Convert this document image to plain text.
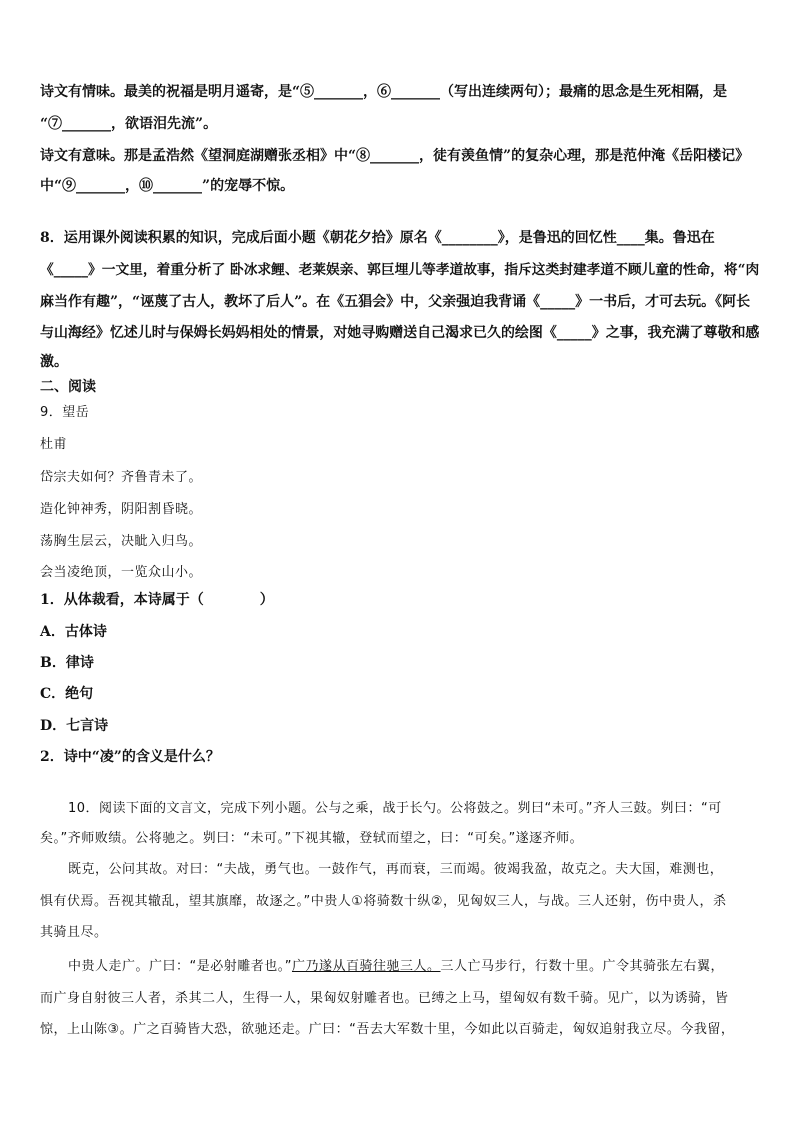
诗文有情味。最美的祝福是明月遥寄，是“⑤_______，⑥_______（写出连续两句）；最痛的思念是生死相隔，是
“⑦_______，欲语泪先流”。
诗文有意味。那是孟浩然《望洞庭湖赠张丞相》中“⑧_______，徒有羡鱼情”的复杂心理，那是范仲淹《岳阳楼记》
中“⑨_______，⑩_______”的宠辱不惊。
8．运用课外阅读积累的知识，完成后面小题《朝花夕拾》原名《________》，是鲁迅的回忆性____集。鲁迅在
《_____》一文里，着重分析了 卧冰求鲤、老莱娱亲、郭巨埋儿等孝道故事，指斥这类封建孝道不顾儿童的性命，将“肉
麻当作有趣”，“诬蔑了古人，教坏了后人”。在《五猖会》中，父亲强迫我背诵《_____》一书后，才可去玩。《阿长
与山海经》忆述儿时与保姆长妈妈相处的情景，对她寻购赠送自己渴求已久的绘图《_____》之事，我充满了尊敬和感
激。
二、阅读
9．望岳
杜甫
岱宗夫如何？齐鲁青未了。
造化钟神秀，阴阳割昏晓。
荡胸生层云，决眦入归鸟。
会当凌绝顶，一览众山小。
1．从体裁看，本诗属于（　　　　）
A．古体诗
B．律诗
C．绝句
D．七言诗
2．诗中“凌”的含义是什么？
10．阅读下面的文言文，完成下列小题。公与之乘，战于长勺。公将鼓之。刿曰“未可。”齐人三鼓。刿曰：“可
矣。”齐师败绩。公将驰之。刿曰：“未可。”下视其辙，登轼而望之，曰：“可矣。”遂逐齐师。
既克，公问其故。对曰：“夫战，勇气也。一鼓作气，再而衰，三而竭。彼竭我盈，故克之。夫大国，难测也，
惧有伏焉。吾视其辙乱，望其旗靡，故逐之。”中贵人①将骑数十纵②，见匈奴三人，与战。三人还射，伤中贵人，杀
其骑且尽。
中贵人走广。广曰：“是必射雕者也。”广乃遂从百骑往驰三人。三人亡马步行，行数十里。广令其骑张左右翼，
而广身自射彼三人者，杀其二人，生得一人，果匈奴射雕者也。已缚之上马，望匈奴有数千骑。见广，以为诱骑，皆
惊，上山陈③。广之百骑皆大恐，欲驰还走。广曰：“吾去大军数十里，今如此以百骑走，匈奴追射我立尽。今我留，
